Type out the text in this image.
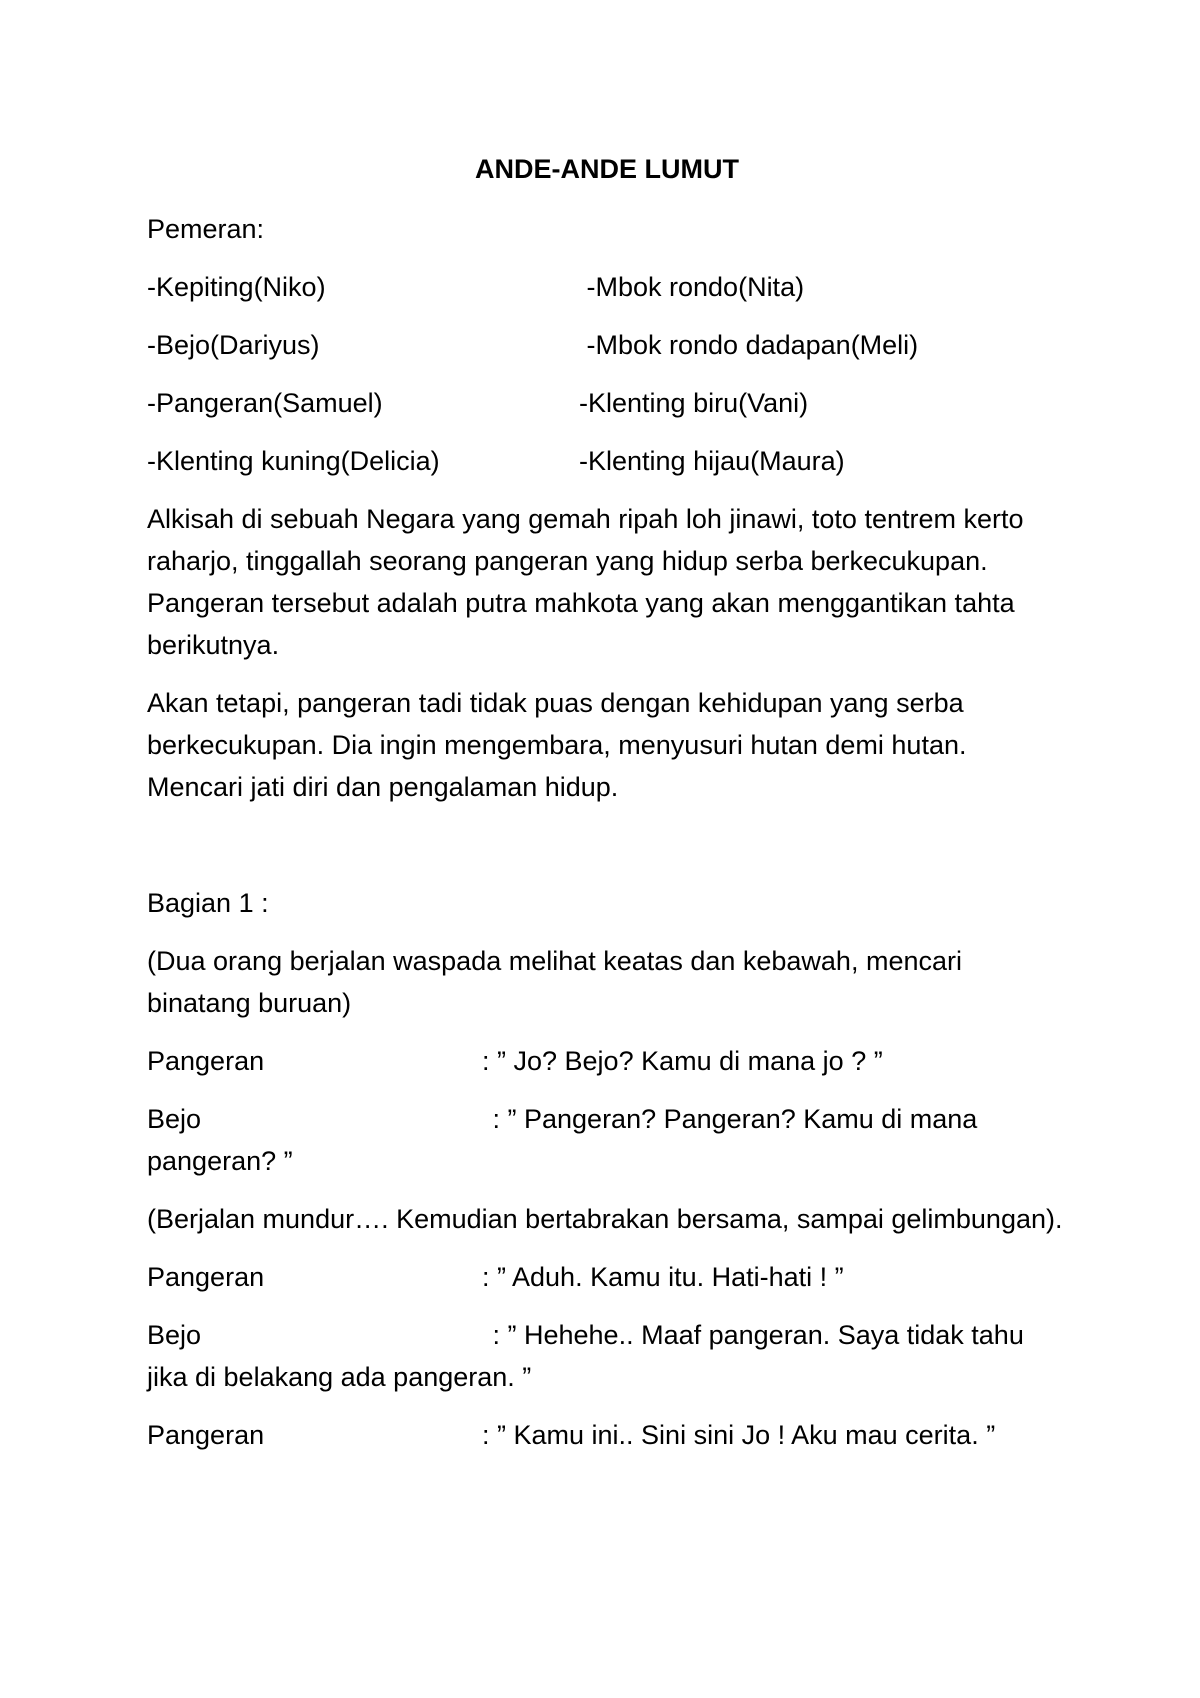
ANDE-ANDE LUMUT

Pemeran:

-Kepiting(Niko)	-Mbok rondo(Nita)
-Bejo(Dariyus)	-Mbok rondo dadapan(Meli)
-Pangeran(Samuel)	-Klenting biru(Vani)
-Klenting kuning(Delicia)	-Klenting hijau(Maura)

Alkisah di sebuah Negara yang gemah ripah loh jinawi, toto tentrem kerto raharjo, tinggallah seorang pangeran yang hidup serba berkecukupan. Pangeran tersebut adalah putra mahkota yang akan menggantikan tahta berikutnya.

Akan tetapi, pangeran tadi tidak puas dengan kehidupan yang serba berkecukupan. Dia ingin mengembara, menyusuri hutan demi hutan. Mencari jati diri dan pengalaman hidup.

Bagian 1 :

(Dua orang berjalan waspada melihat keatas dan kebawah, mencari binatang buruan)

Pangeran	: ” Jo? Bejo? Kamu di mana jo ? ”

Bejo	: ” Pangeran? Pangeran? Kamu di mana pangeran? ”

(Berjalan mundur…. Kemudian bertabrakan bersama, sampai gelimbungan).

Pangeran	: ” Aduh. Kamu itu. Hati-hati ! ”

Bejo	: ” Hehehe.. Maaf pangeran. Saya tidak tahu jika di belakang ada pangeran. ”

Pangeran	: ” Kamu ini.. Sini sini Jo ! Aku mau cerita. ”
